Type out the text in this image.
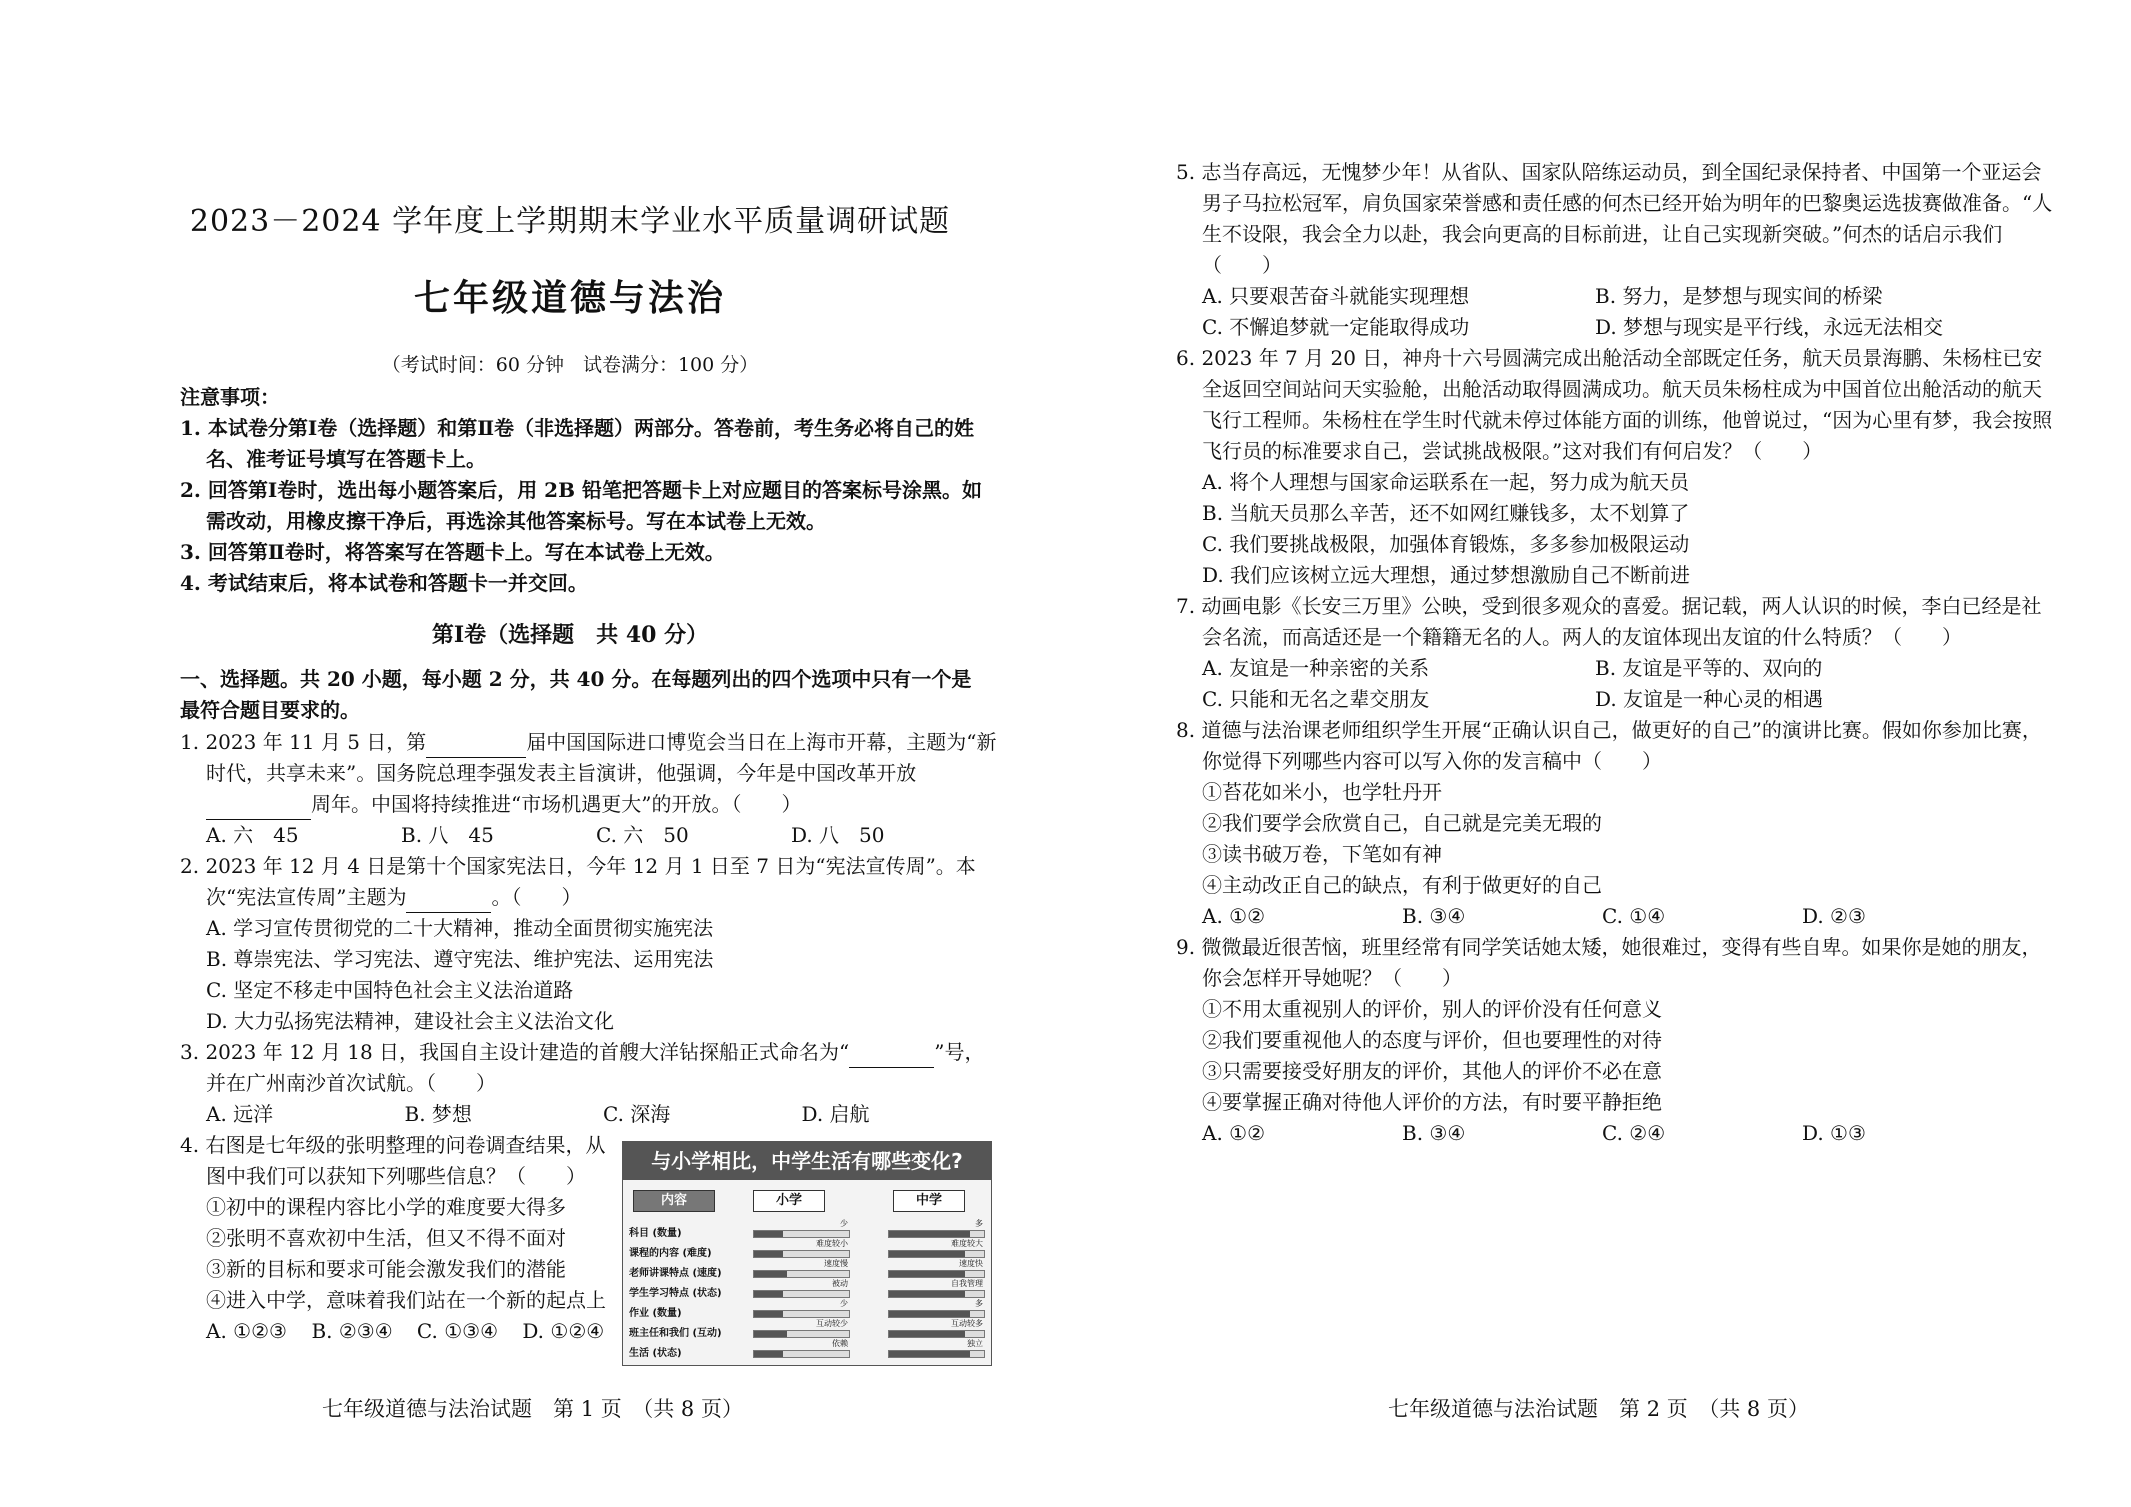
2023－2024 学年度上学期期末学业水平质量调研试题
七年级道德与法治
（考试时间：60 分钟　试卷满分：100 分）

注意事项：

1. 本试卷分第Ⅰ卷（选择题）和第Ⅱ卷（非选择题）两部分。答卷前，考生务必将自己的姓名、准考证号填写在答题卡上。

2. 回答第Ⅰ卷时，选出每小题答案后，用 2B 铅笔把答题卡上对应题目的答案标号涂黑。如需改动，用橡皮擦干净后，再选涂其他答案标号。写在本试卷上无效。

3. 回答第Ⅱ卷时，将答案写在答题卡上。写在本试卷上无效。

4. 考试结束后，将本试卷和答题卡一并交回。

第Ⅰ卷（选择题　共 40 分）
一、选择题。共 20 小题，每小题 2 分，共 40 分。在每题列出的四个选项中只有一个是最符合题目要求的。

1. 2023 年 11 月 5 日，第	届中国国际进口博览会当日在上海市开幕，主题为“新时代，共享未来”。国务院总理李强发表主旨演讲，他强调，今年是中国改革开放周年。中国将持续推进“市场机遇更大”的开放。（　　）

A. 六　45	B. 八　45	C. 六　50	D. 八　50

2. 2023 年 12 月 4 日是第十个国家宪法日，今年 12 月 1 日至 7 日为“宪法宣传周”。本次“宪法宣传周”主题为	。（　　）

A. 学习宣传贯彻党的二十大精神，推动全面贯彻实施宪法

B. 尊崇宪法、学习宪法、遵守宪法、维护宪法、运用宪法

C. 坚定不移走中国特色社会主义法治道路

D. 大力弘扬宪法精神，建设社会主义法治文化

3. 2023 年 12 月 18 日，我国自主设计建造的首艘大洋钻探船正式命名为“	”号，并在广州南沙首次试航。（　　）

A. 远洋	B. 梦想	C. 深海	D. 启航

4. 右图是七年级的张明整理的问卷调查结果，从图中我们可以获知下列哪些信息？（　　）

①初中的课程内容比小学的难度要大得多

②张明不喜欢初中生活，但又不得不面对

③新的目标和要求可能会激发我们的潜能

④进入中学，意味着我们站在一个新的起点上

A. ①②③	B. ②③④	C. ①③④	D. ①②④

与小学相比，中学生活有哪些变化?
内容	小学	中学
科目 (数量)
少	多
课程的内容 (难度)
难度较小	难度较大
老师讲课特点 (速度)
速度慢	速度快
学生学习特点 (状态)
被动	自我管理
作业 (数量)
少	多
班主任和我们 (互动)
互动较少	互动较多
生活 (状态)
依赖	独立
七年级道德与法治试题　第 1 页　（共 8 页）

5. 志当存高远，无愧梦少年！从省队、国家队陪练运动员，到全国纪录保持者、中国第一个亚运会男子马拉松冠军，肩负国家荣誉感和责任感的何杰已经开始为明年的巴黎奥运选拔赛做准备。“人生不设限，我会全力以赴，我会向更高的目标前进，让自己实现新突破。”何杰的话启示我们（　　）

A. 只要艰苦奋斗就能实现理想	B. 努力，是梦想与现实间的桥梁
C. 不懈追梦就一定能取得成功	D. 梦想与现实是平行线，永远无法相交

6. 2023 年 7 月 20 日，神舟十六号圆满完成出舱活动全部既定任务，航天员景海鹏、朱杨柱已安全返回空间站问天实验舱，出舱活动取得圆满成功。航天员朱杨柱成为中国首位出舱活动的航天飞行工程师。朱杨柱在学生时代就未停过体能方面的训练，他曾说过，“因为心里有梦，我会按照飞行员的标准要求自己，尝试挑战极限。”这对我们有何启发？（　　）

A. 将个人理想与国家命运联系在一起，努力成为航天员

B. 当航天员那么辛苦，还不如网红赚钱多，太不划算了

C. 我们要挑战极限，加强体育锻炼，多多参加极限运动

D. 我们应该树立远大理想，通过梦想激励自己不断前进

7. 动画电影《长安三万里》公映，受到很多观众的喜爱。据记载，两人认识的时候，李白已经是社会名流，而高适还是一个籍籍无名的人。两人的友谊体现出友谊的什么特质？（　　）

A. 友谊是一种亲密的关系	B. 友谊是平等的、双向的
C. 只能和无名之辈交朋友	D. 友谊是一种心灵的相遇

8. 道德与法治课老师组织学生开展“正确认识自己，做更好的自己”的演讲比赛。假如你参加比赛，你觉得下列哪些内容可以写入你的发言稿中（　　）

①苔花如米小，也学牡丹开

②我们要学会欣赏自己，自己就是完美无瑕的

③读书破万卷，下笔如有神

④主动改正自己的缺点，有利于做更好的自己

A. ①②	B. ③④	C. ①④	D. ②③

9. 微微最近很苦恼，班里经常有同学笑话她太矮，她很难过，变得有些自卑。如果你是她的朋友，你会怎样开导她呢？（　　）

①不用太重视别人的评价，别人的评价没有任何意义

②我们要重视他人的态度与评价，但也要理性的对待

③只需要接受好朋友的评价，其他人的评价不必在意

④要掌握正确对待他人评价的方法，有时要平静拒绝

A. ①②	B. ③④	C. ②④	D. ①③

七年级道德与法治试题　第 2 页　（共 8 页）
